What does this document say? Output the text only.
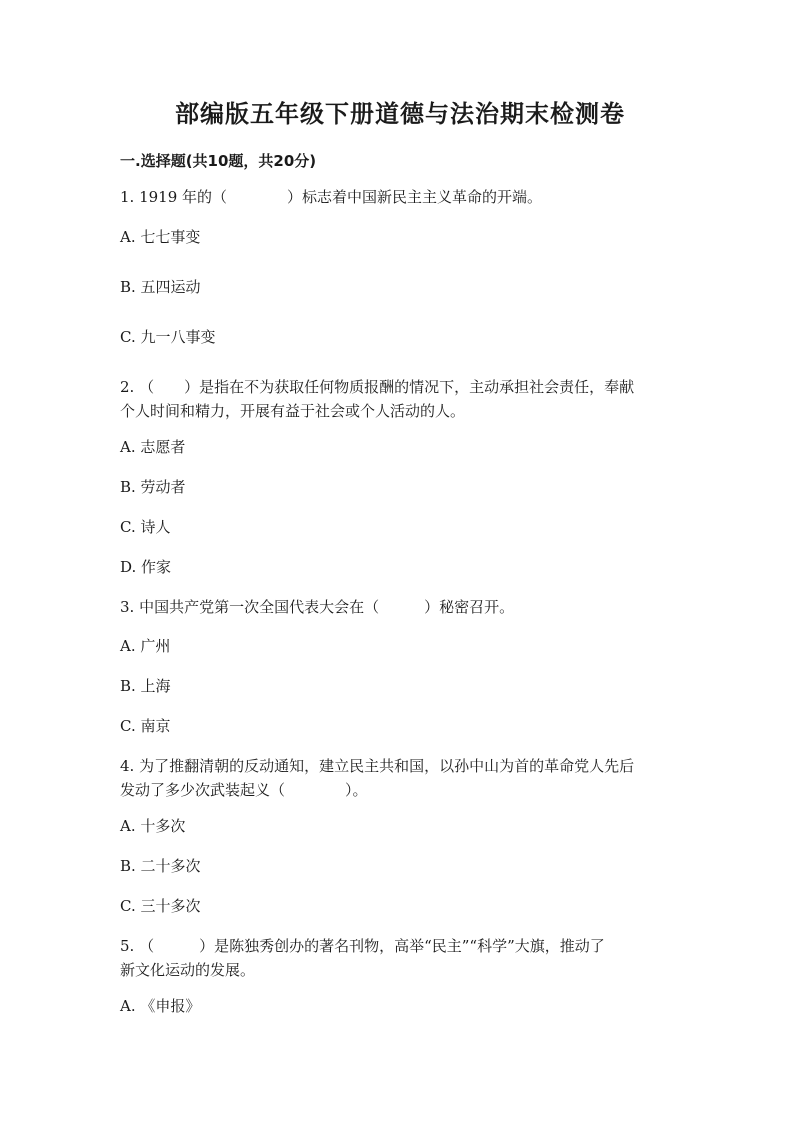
部编版五年级下册道德与法治期末检测卷
一.选择题(共10题，共20分)
1. 1919 年的（　　　　）标志着中国新民主主义革命的开端。
A. 七七事变
B. 五四运动
C. 九一八事变
2. （　　）是指在不为获取任何物质报酬的情况下，主动承担社会责任，奉献
个人时间和精力，开展有益于社会或个人活动的人。
A. 志愿者
B. 劳动者
C. 诗人
D. 作家
3. 中国共产党第一次全国代表大会在（　　　）秘密召开。
A. 广州
B. 上海
C. 南京
4. 为了推翻清朝的反动通知，建立民主共和国，以孙中山为首的革命党人先后
发动了多少次武装起义（　　　　）。
A. 十多次
B. 二十多次
C. 三十多次
5. （　　　）是陈独秀创办的著名刊物，高举“民主”“科学”大旗，推动了
新文化运动的发展。
A. 《申报》
